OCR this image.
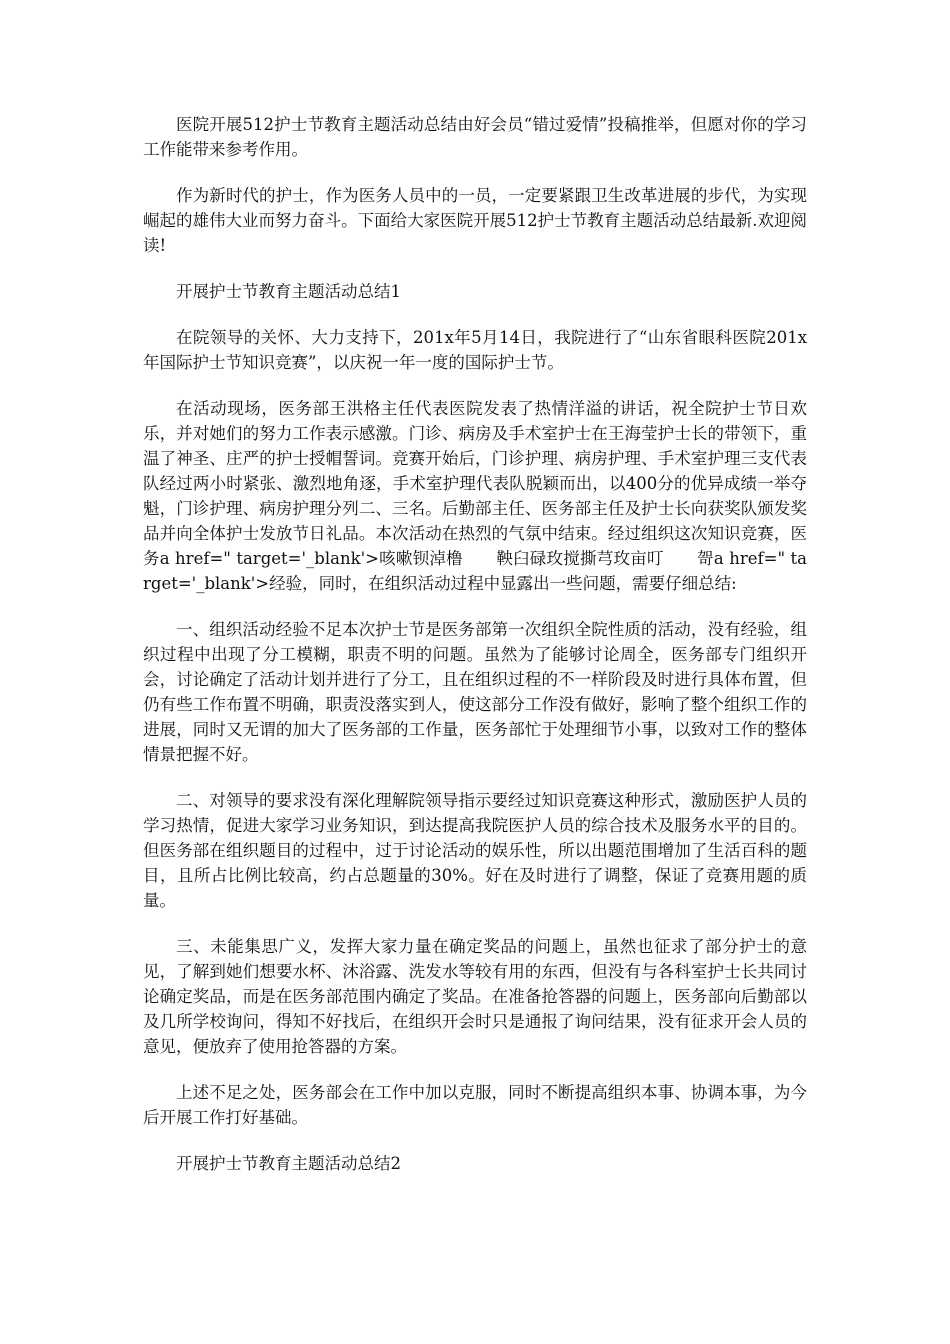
医院开展512护士节教育主题活动总结由好会员“错过爱情”投稿推举，但愿对你的学习工作能带来参考作用。

作为新时代的护士，作为医务人员中的一员，一定要紧跟卫生改革进展的步代，为实现崛起的雄伟大业而努力奋斗。下面给大家医院开展512护士节教育主题活动总结最新.欢迎阅读!

开展护士节教育主题活动总结1

在院领导的关怀、大力支持下，201x年5月14日，我院进行了“山东省眼科医院201x年国际护士节知识竞赛”，以庆祝一年一度的国际护士节。

在活动现场，医务部王洪格主任代表医院发表了热情洋溢的讲话，祝全院护士节日欢乐，并对她们的努力工作表示感激。门诊、病房及手术室护士在王海莹护士长的带领下，重温了神圣、庄严的护士授帽誓词。竞赛开始后，门诊护理、病房护理、手术室护理三支代表队经过两小时紧张、激烈地角逐，手术室护理代表队脱颖而出，以400分的优异成绩一举夺魁，门诊护理、病房护理分列二、三名。后勤部主任、医务部主任及护士长向获奖队颁发奖品并向全体护士发放节日礼品。本次活动在热烈的气氛中结束。经过组织这次知识竞赛，医务a href=" target='_blank'>咳嗽钡淖橹　　鞅臼碌玫搅撕芎玫亩叮　　哿a href=" target='_blank'>经验，同时，在组织活动过程中显露出一些问题，需要仔细总结:

一、组织活动经验不足本次护士节是医务部第一次组织全院性质的活动，没有经验，组织过程中出现了分工模糊，职责不明的问题。虽然为了能够讨论周全，医务部专门组织开会，讨论确定了活动计划并进行了分工，且在组织过程的不一样阶段及时进行具体布置，但仍有些工作布置不明确，职责没落实到人，使这部分工作没有做好，影响了整个组织工作的进展，同时又无谓的加大了医务部的工作量，医务部忙于处理细节小事，以致对工作的整体情景把握不好。

二、对领导的要求没有深化理解院领导指示要经过知识竞赛这种形式，激励医护人员的学习热情，促进大家学习业务知识，到达提高我院医护人员的综合技术及服务水平的目的。但医务部在组织题目的过程中，过于讨论活动的娱乐性，所以出题范围增加了生活百科的题目，且所占比例比较高，约占总题量的30%。好在及时进行了调整，保证了竞赛用题的质量。

三、未能集思广义，发挥大家力量在确定奖品的问题上，虽然也征求了部分护士的意见，了解到她们想要水杯、沐浴露、洗发水等较有用的东西，但没有与各科室护士长共同讨论确定奖品，而是在医务部范围内确定了奖品。在准备抢答器的问题上，医务部向后勤部以及几所学校询问，得知不好找后，在组织开会时只是通报了询问结果，没有征求开会人员的意见，便放弃了使用抢答器的方案。

上述不足之处，医务部会在工作中加以克服，同时不断提高组织本事、协调本事，为今后开展工作打好基础。

开展护士节教育主题活动总结2
